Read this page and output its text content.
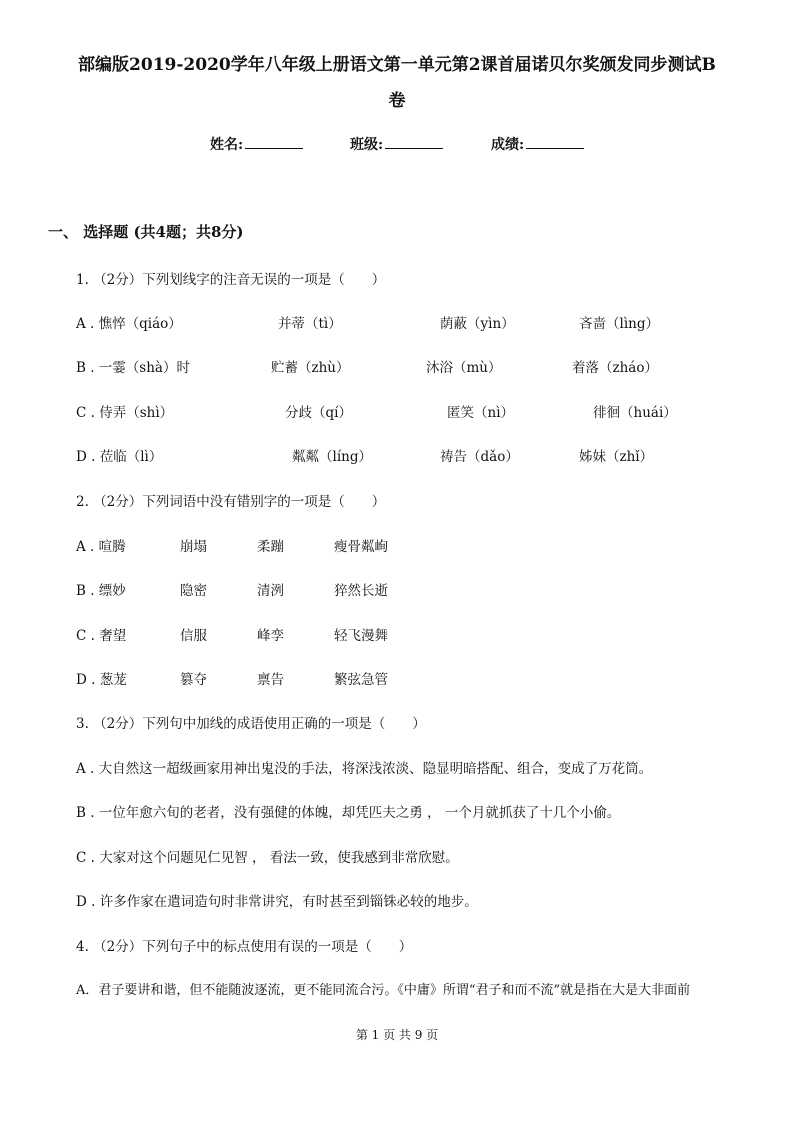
部编版2019-2020学年八年级上册语文第一单元第2课首届诺贝尔奖颁发同步测试B
卷
姓名:	班级:	成绩:
一、 选择题 (共4题；共8分)
1. （2分）下列划线字的注音无误的一项是（　　）
A . 憔悴（qiáo）	并蒂（tì）	荫蔽（yìn）	吝啬（lìng）
B . 一霎（shà）时	贮蓄（zhù）	沐浴（mù）	着落（zháo）
C . 侍弄（shì）	分歧（qí）	匿笑（nì）	徘徊（huái）
D . 莅临（lì）	粼粼（líng）	祷告（dǎo）	姊妹（zhǐ）
2. （2分）下列词语中没有错别字的一项是（　　）
A . 喧腾	崩塌	柔蹦	瘦骨粼峋
B . 缥妙	隐密	清洌	猝然长逝
C . 奢望	信服	峰孪	轻飞漫舞
D . 葱茏	篡夺	禀告	繁弦急管
3. （2分）下列句中加线的成语使用正确的一项是（　　）
A . 大自然这一超级画家用神出鬼没的手法，将深浅浓淡、隐显明暗搭配、组合，变成了万花筒。
B . 一位年愈六旬的老者，没有强健的体魄，却凭匹夫之勇 ， 一个月就抓获了十几个小偷。
C . 大家对这个问题见仁见智 ， 看法一致，使我感到非常欣慰。
D . 许多作家在遣词造句时非常讲究，有时甚至到锱铢必较的地步。
4. （2分）下列句子中的标点使用有误的一项是（　　）
A．君子要讲和谐，但不能随波逐流，更不能同流合污。《中庸》所谓“君子和而不流”就是指在大是大非面前
第 1 页 共 9 页
